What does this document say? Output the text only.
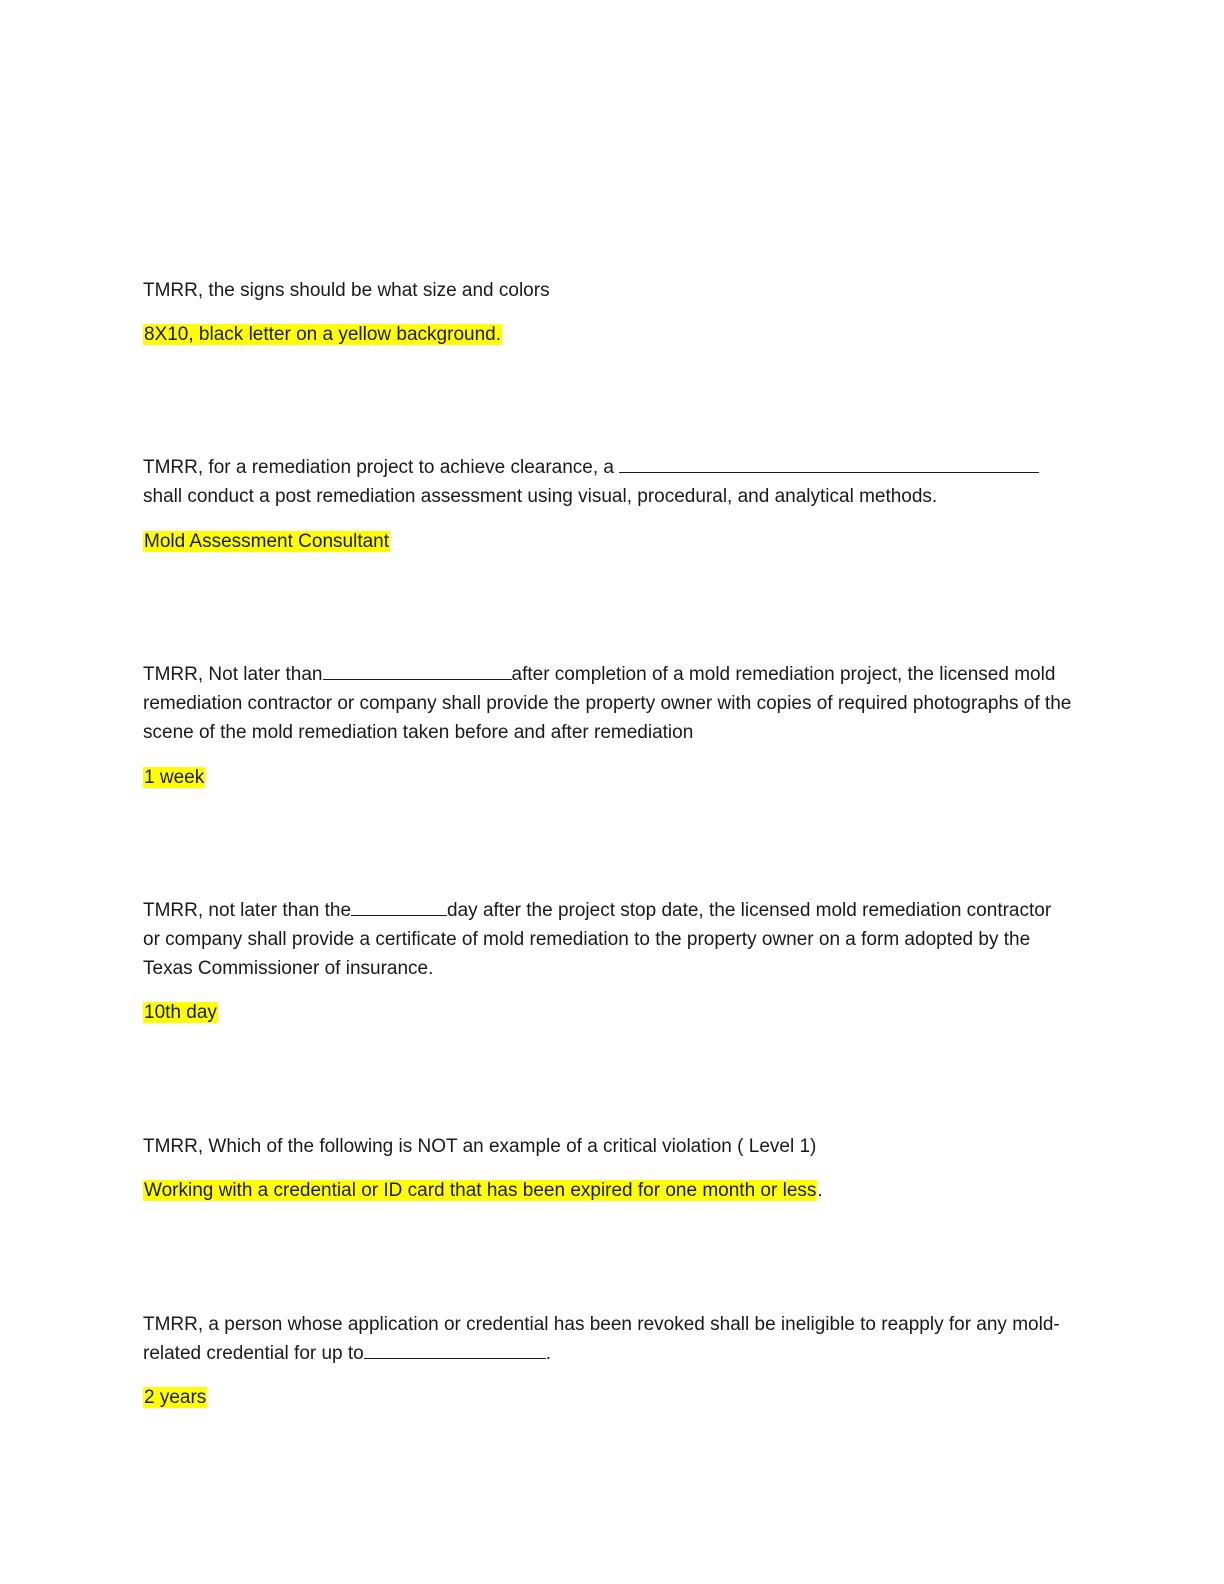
TMRR, the signs should be what size and colors

8X10, black letter on a yellow background.

TMRR, for a remediation project to achieve clearance, a  shall conduct a post remediation assessment using visual, procedural, and analytical methods.

Mold Assessment Consultant

TMRR, Not later than	after completion of a mold remediation project, the licensed mold remediation contractor or company shall provide the property owner with copies of required photographs of the scene of the mold remediation taken before and after remediation

1 week

TMRR, not later than the	day after the project stop date, the licensed mold remediation contractor or company shall provide a certificate of mold remediation to the property owner on a form adopted by the Texas Commissioner of insurance.

10th day

TMRR, Which of the following is NOT an example of a critical violation ( Level 1)

Working with a credential or ID card that has been expired for one month or less.

TMRR, a person whose application or credential has been revoked shall be ineligible to reapply for any mold-related credential for up to	.

2 years
